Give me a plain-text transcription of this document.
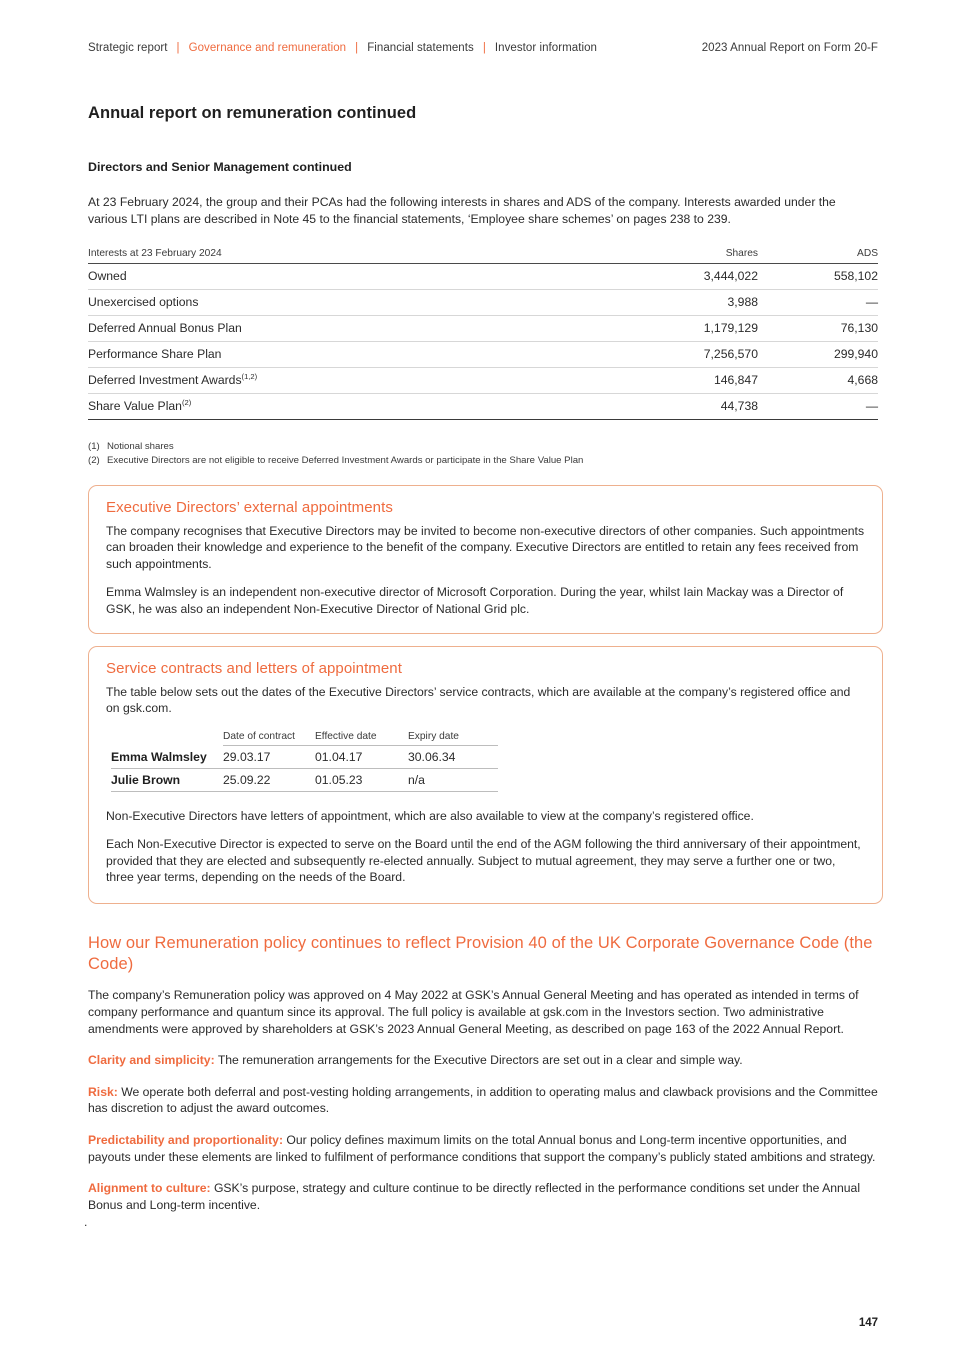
Strategic report | Governance and remuneration | Financial statements | Investor information	2023 Annual Report on Form 20-F
Annual report on remuneration continued
Directors and Senior Management continued

At 23 February 2024, the group and their PCAs had the following interests in shares and ADS of the company. Interests awarded under the various LTI plans are described in Note 45 to the financial statements, ‘Employee share schemes’ on pages 238 to 239.

Interests at 23 February 2024	Shares	ADS
Owned	3,444,022	558,102
Unexercised options	3,988	—
Deferred Annual Bonus Plan	1,179,129	76,130
Performance Share Plan	7,256,570	299,940
Deferred Investment Awards$^{(1,2)}$	146,847	4,668
Share Value Plan$^{(2)}$	44,738	—
(1) Notional shares
(2) Executive Directors are not eligible to receive Deferred Investment Awards or participate in the Share Value Plan
Executive Directors’ external appointments

The company recognises that Executive Directors may be invited to become non-executive directors of other companies. Such appointments can broaden their knowledge and experience to the benefit of the company. Executive Directors are entitled to retain any fees received from such appointments.

Emma Walmsley is an independent non-executive director of Microsoft Corporation. During the year, whilst Iain Mackay was a Director of GSK, he was also an independent Non-Executive Director of National Grid plc.

Service contracts and letters of appointment

The table below sets out the dates of the Executive Directors’ service contracts, which are available at the company’s registered office and on gsk.com.

	Date of contract	Effective date	Expiry date
Emma Walmsley	29.03.17	01.04.17	30.06.34
Julie Brown	25.09.22	01.05.23	n/a

Non-Executive Directors have letters of appointment, which are also available to view at the company’s registered office.

Each Non-Executive Director is expected to serve on the Board until the end of the AGM following the third anniversary of their appointment, provided that they are elected and subsequently re-elected annually. Subject to mutual agreement, they may serve a further one or two, three year terms, depending on the needs of the Board.

How our Remuneration policy continues to reflect Provision 40 of the UK Corporate Governance Code (the Code)

The company’s Remuneration policy was approved on 4 May 2022 at GSK’s Annual General Meeting and has operated as intended in terms of company performance and quantum since its approval. The full policy is available at gsk.com in the Investors section. Two administrative amendments were approved by shareholders at GSK’s 2023 Annual General Meeting, as described on page 163 of the 2022 Annual Report.

Clarity and simplicity: The remuneration arrangements for the Executive Directors are set out in a clear and simple way.

Risk: We operate both deferral and post-vesting holding arrangements, in addition to operating malus and clawback provisions and the Committee has discretion to adjust the award outcomes.

Predictability and proportionality: Our policy defines maximum limits on the total Annual bonus and Long-term incentive opportunities, and payouts under these elements are linked to fulfilment of performance conditions that support the company’s publicly stated ambitions and strategy.

Alignment to culture: GSK’s purpose, strategy and culture continue to be directly reflected in the performance conditions set under the Annual Bonus and Long-term incentive.

.
147
